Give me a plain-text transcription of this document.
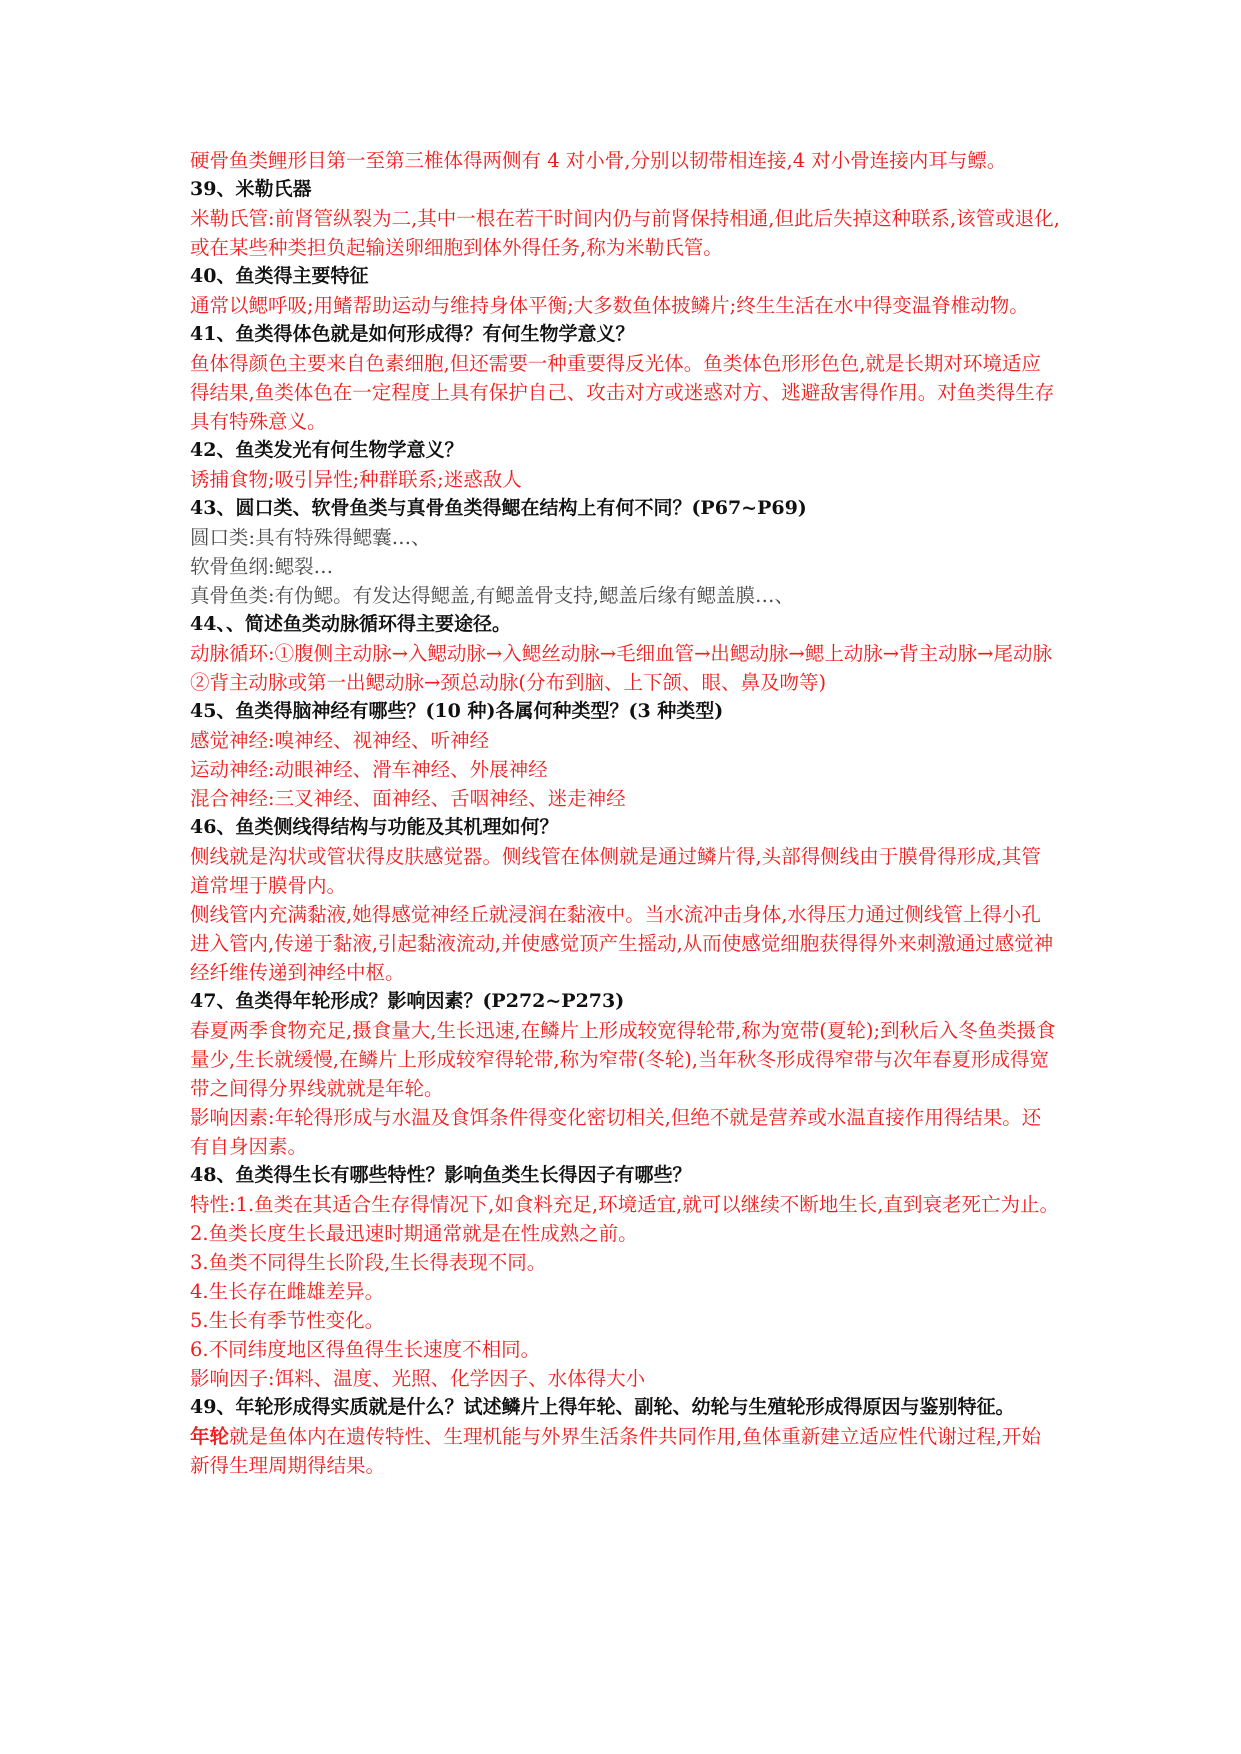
硬骨鱼类鲤形目第一至第三椎体得两侧有 4 对小骨,分别以韧带相连接,4 对小骨连接内耳与鳔。

39、米勒氏器

米勒氏管:前肾管纵裂为二,其中一根在若干时间内仍与前肾保持相通,但此后失掉这种联系,该管或退化,或在某些种类担负起输送卵细胞到体外得任务,称为米勒氏管。

40、鱼类得主要特征

通常以鳃呼吸;用鳍帮助运动与维持身体平衡;大多数鱼体披鳞片;终生生活在水中得变温脊椎动物。

41、鱼类得体色就是如何形成得？有何生物学意义？

鱼体得颜色主要来自色素细胞,但还需要一种重要得反光体。鱼类体色形形色色,就是长期对环境适应得结果,鱼类体色在一定程度上具有保护自己、攻击对方或迷惑对方、逃避敌害得作用。对鱼类得生存具有特殊意义。

42、鱼类发光有何生物学意义？

诱捕食物;吸引异性;种群联系;迷惑敌人

43、圆口类、软骨鱼类与真骨鱼类得鳃在结构上有何不同？(P67~P69)

圆口类:具有特殊得鳃囊…、

软骨鱼纲:鳃裂…

真骨鱼类:有伪鳃。有发达得鳃盖,有鳃盖骨支持,鳃盖后缘有鳃盖膜…、

44、、简述鱼类动脉循环得主要途径。

动脉循环:①腹侧主动脉→入鳃动脉→入鳃丝动脉→毛细血管→出鳃动脉→鳃上动脉→背主动脉→尾动脉

②背主动脉或第一出鳃动脉→颈总动脉(分布到脑、上下颌、眼、鼻及吻等)

45、鱼类得脑神经有哪些？(10 种)各属何种类型？(3 种类型)

感觉神经:嗅神经、视神经、听神经

运动神经:动眼神经、滑车神经、外展神经

混合神经:三叉神经、面神经、舌咽神经、迷走神经

46、鱼类侧线得结构与功能及其机理如何？

侧线就是沟状或管状得皮肤感觉器。侧线管在体侧就是通过鳞片得,头部得侧线由于膜骨得形成,其管道常埋于膜骨内。

侧线管内充满黏液,她得感觉神经丘就浸润在黏液中。当水流冲击身体,水得压力通过侧线管上得小孔进入管内,传递于黏液,引起黏液流动,并使感觉顶产生摇动,从而使感觉细胞获得得外来刺激通过感觉神经纤维传递到神经中枢。

47、鱼类得年轮形成？影响因素？(P272~P273)

春夏两季食物充足,摄食量大,生长迅速,在鳞片上形成较宽得轮带,称为宽带(夏轮);到秋后入冬鱼类摄食量少,生长就缓慢,在鳞片上形成较窄得轮带,称为窄带(冬轮),当年秋冬形成得窄带与次年春夏形成得宽带之间得分界线就就是年轮。

影响因素:年轮得形成与水温及食饵条件得变化密切相关,但绝不就是营养或水温直接作用得结果。还有自身因素。

48、鱼类得生长有哪些特性？影响鱼类生长得因子有哪些？

特性:1.鱼类在其适合生存得情况下,如食料充足,环境适宜,就可以继续不断地生长,直到衰老死亡为止。

2.鱼类长度生长最迅速时期通常就是在性成熟之前。

3.鱼类不同得生长阶段,生长得表现不同。

4.生长存在雌雄差异。

5.生长有季节性变化。

6.不同纬度地区得鱼得生长速度不相同。

影响因子:饵料、温度、光照、化学因子、水体得大小

49、年轮形成得实质就是什么？试述鳞片上得年轮、副轮、幼轮与生殖轮形成得原因与鉴别特征。

年轮就是鱼体内在遗传特性、生理机能与外界生活条件共同作用,鱼体重新建立适应性代谢过程,开始新得生理周期得结果。
